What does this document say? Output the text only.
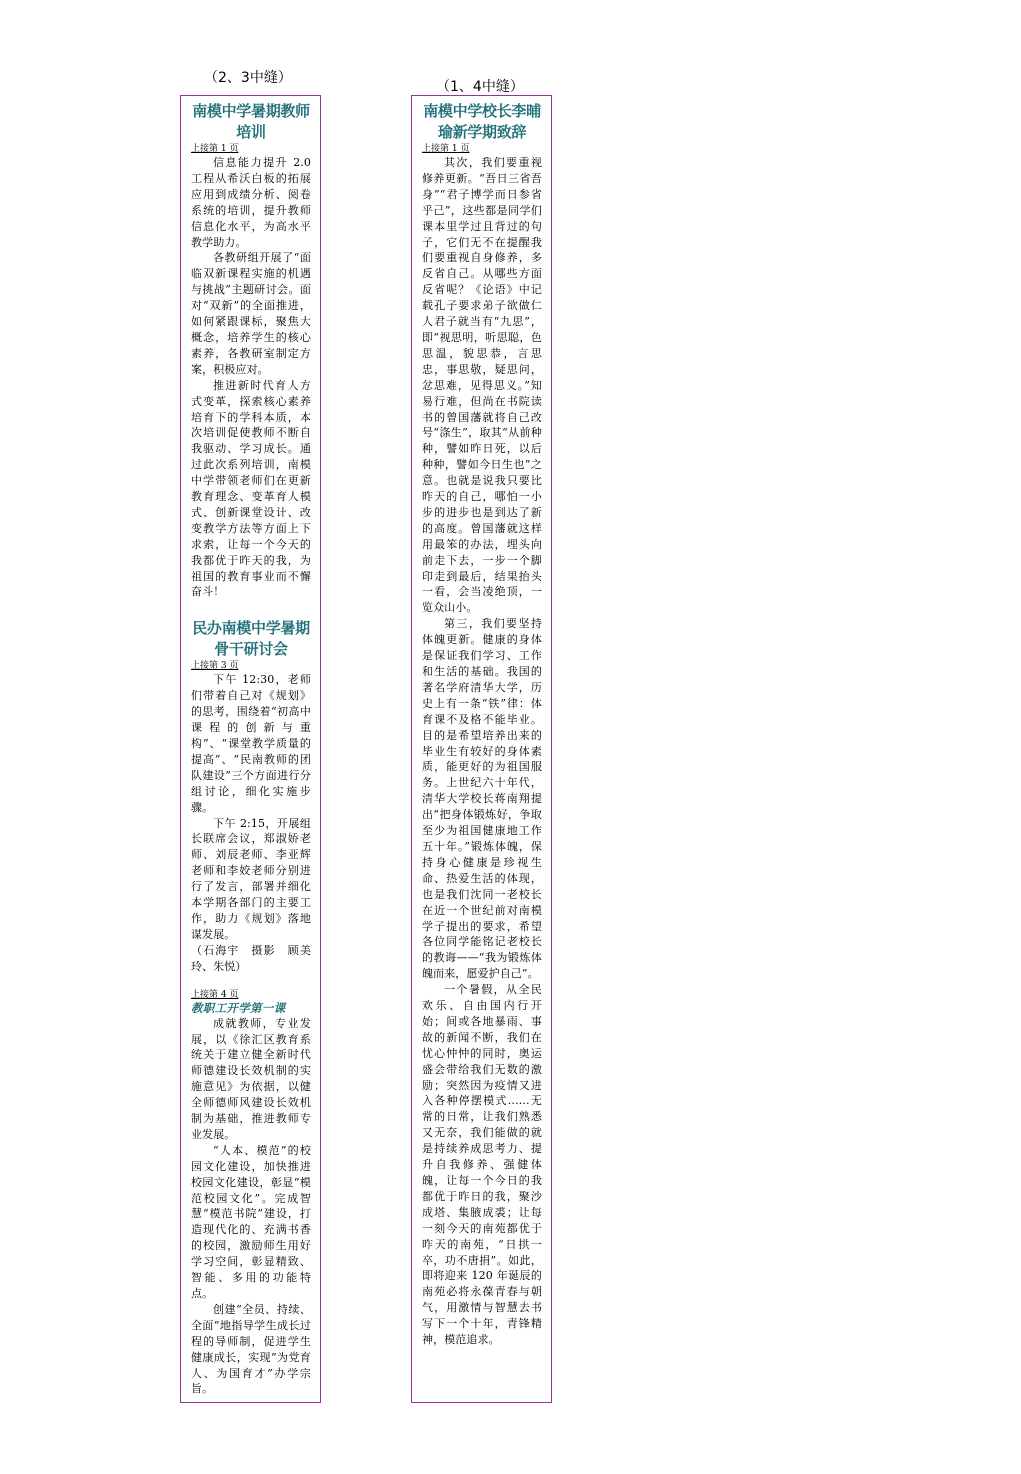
（2、3中缝）
（1、4中缝）
南模中学暑期教师培训
上接第 1 页

信息能力提升 2.0 工程从希沃白板的拓展应用到成绩分析、阅卷系统的培训，提升教师信息化水平，为高水平教学助力。

各教研组开展了“面临双新课程实施的机遇与挑战”主题研讨会。面对“双新”的全面推进，如何紧跟课标，聚焦大概念，培养学生的核心素养，各教研室制定方案，积极应对。

推进新时代育人方式变革，探索核心素养培育下的学科本质，本次培训促使教师不断自我驱动、学习成长。通过此次系列培训，南模中学带领老师们在更新教育理念、变革育人模式、创新课堂设计、改变教学方法等方面上下求索，让每一个今天的我都优于昨天的我，为祖国的教育事业而不懈奋斗！

民办南模中学暑期骨干研讨会
上接第 3 页

下午 12:30，老师们带着自己对《规划》的思考，围绕着“初高中课程的创新与重构”、“课堂教学质量的提高”、“民南教师的团队建设”三个方面进行分组讨论，细化实施步骤。

下午 2:15，开展组长联席会议，郑淑娇老师、刘辰老师、李亚辉老师和李姣老师分别进行了发言，部署并细化本学期各部门的主要工作，助力《规划》落地谋发展。

（石海宇　摄影　顾美玲、朱悦）

上接第 4 页
教职工开学第一课

成就教师，专业发展，以《徐汇区教育系统关于建立健全新时代师德建设长效机制的实施意见》为依据，以健全师德师风建设长效机制为基础，推进教师专业发展。

“人本、模范”的校园文化建设，加快推进校园文化建设，彰显“模范校园文化”。完成智慧“模范书院”建设，打造现代化的、充满书香的校园，激励师生用好学习空间，彰显精致、智能、多用的功能特点。

创建“全员、持续、全面”地指导学生成长过程的导师制，促进学生健康成长，实现“为党育人、为国育才”办学宗旨。

南模中学校长李晡瑜新学期致辞
上接第 1 页

其次，我们要重视修养更新。“吾日三省吾身”“君子博学而日参省乎己”，这些都是同学们课本里学过且背过的句子，它们无不在提醒我们要重视自身修养，多反省自己。从哪些方面反省呢？《论语》中记载孔子要求弟子欲做仁人君子就当有“九思”，即“视思明，听思聪，色思温，貌思恭，言思忠，事思敬，疑思问，忿思难，见得思义。”知易行难，但尚在书院读书的曾国藩就将自己改号“涤生”，取其“从前种种，譬如昨日死，以后种种，譬如今日生也”之意。也就是说我只要比昨天的自己，哪怕一小步的进步也是到达了新的高度。曾国藩就这样用最笨的办法，埋头向前走下去，一步一个脚印走到最后，结果抬头一看，会当凌绝顶，一览众山小。

第三，我们要坚持体魄更新。健康的身体是保证我们学习、工作和生活的基础。我国的著名学府清华大学，历史上有一条“铁”律：体育课不及格不能毕业。目的是希望培养出来的毕业生有较好的身体素质，能更好的为祖国服务。上世纪六十年代，清华大学校长蒋南翔提出“把身体锻炼好，争取至少为祖国健康地工作五十年。”锻炼体魄，保持身心健康是珍视生命、热爱生活的体现，也是我们沈同一老校长在近一个世纪前对南模学子提出的要求，希望各位同学能铭记老校长的教诲——“我为锻炼体魄而来，愿爱护自己”。

一个暑假，从全民欢乐、自由国内行开始；间或各地暴雨、事故的新闻不断，我们在忧心忡忡的同时，奥运盛会带给我们无数的激励；突然因为疫情又进入各种停摆模式……无常的日常，让我们熟悉又无奈，我们能做的就是持续养成思考力、提升自我修养、强健体魄，让每一个今日的我都优于昨日的我，聚沙成塔、集腋成裘；让每一刻今天的南苑都优于昨天的南苑，“日拱一卒，功不唐捐”。如此，即将迎来 120 年诞辰的南苑必将永葆青春与朝气，用激情与智慧去书写下一个十年，青锋精神，模范追求。
